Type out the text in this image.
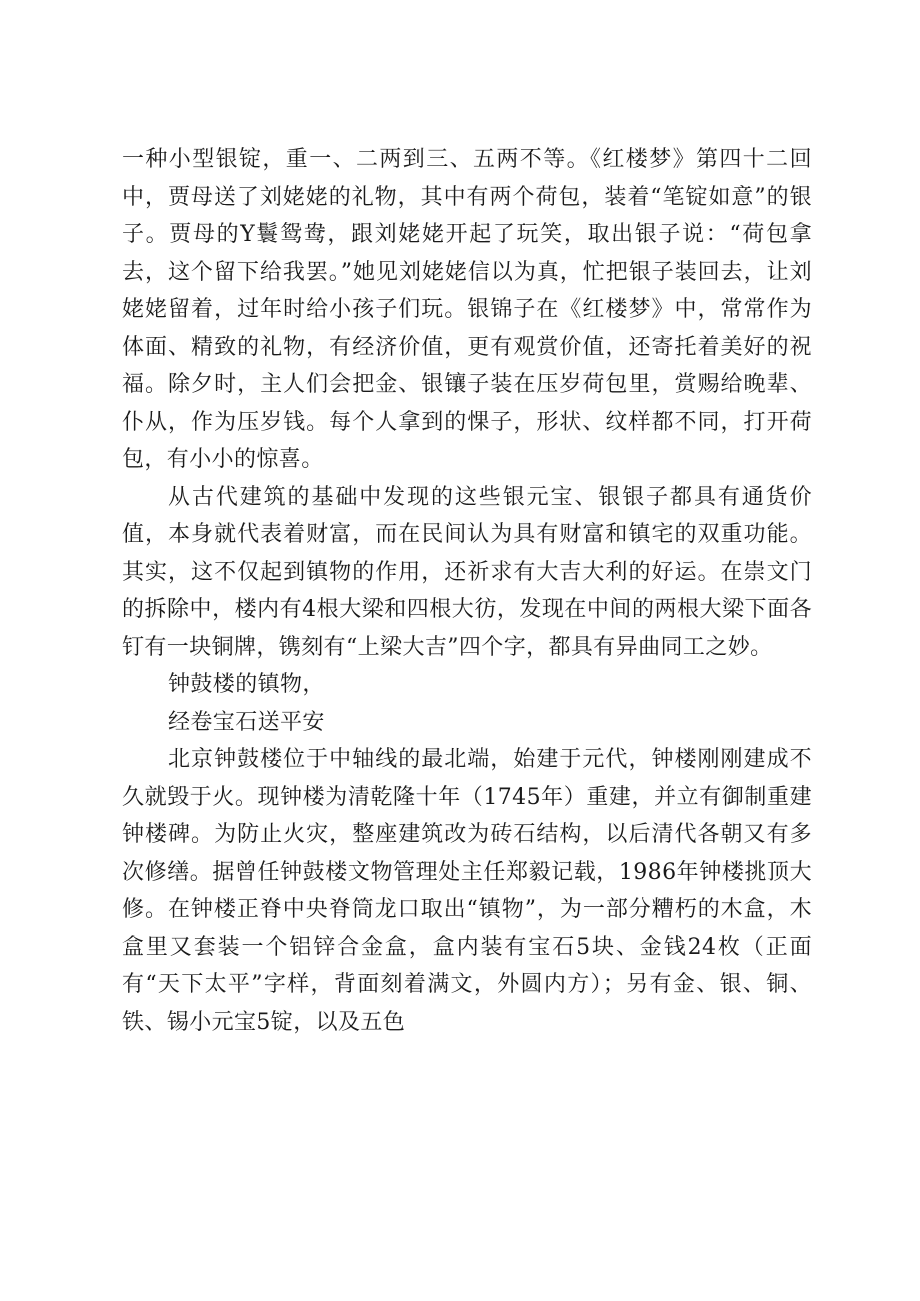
一种小型银锭，重一、二两到三、五两不等。《红楼梦》第四十二回中，贾母送了刘姥姥的礼物，其中有两个荷包，装着“笔锭如意”的银子。贾母的Y鬟鸳鸯，跟刘姥姥开起了玩笑，取出银子说：“荷包拿去，这个留下给我罢。”她见刘姥姥信以为真，忙把银子装回去，让刘姥姥留着，过年时给小孩子们玩。银锦子在《红楼梦》中，常常作为体面、精致的礼物，有经济价值，更有观赏价值，还寄托着美好的祝福。除夕时，主人们会把金、银镶子装在压岁荷包里，赏赐给晚辈、仆从，作为压岁钱。每个人拿到的惈子，形状、纹样都不同，打开荷包，有小小的惊喜。

从古代建筑的基础中发现的这些银元宝、银银子都具有通货价值，本身就代表着财富，而在民间认为具有财富和镇宅的双重功能。其实，这不仅起到镇物的作用，还祈求有大吉大利的好运。在崇文门的拆除中，楼内有4根大梁和四根大彷，发现在中间的两根大梁下面各钉有一块铜牌，镌刻有“上梁大吉”四个字，都具有异曲同工之妙。

钟鼓楼的镇物，

经卷宝石送平安

北京钟鼓楼位于中轴线的最北端，始建于元代，钟楼刚刚建成不久就毁于火。现钟楼为清乾隆十年（1745年）重建，并立有御制重建钟楼碑。为防止火灾，整座建筑改为砖石结构，以后清代各朝又有多次修缮。据曾任钟鼓楼文物管理处主任郑毅记载，1986年钟楼挑顶大修。在钟楼正脊中央脊筒龙口取出“镇物”，为一部分糟朽的木盒，木盒里又套装一个铝锌合金盒，盒内装有宝石5块、金钱24枚（正面有“天下太平”字样，背面刻着满文，外圆内方）；另有金、银、铜、铁、锡小元宝5锭，以及五色
